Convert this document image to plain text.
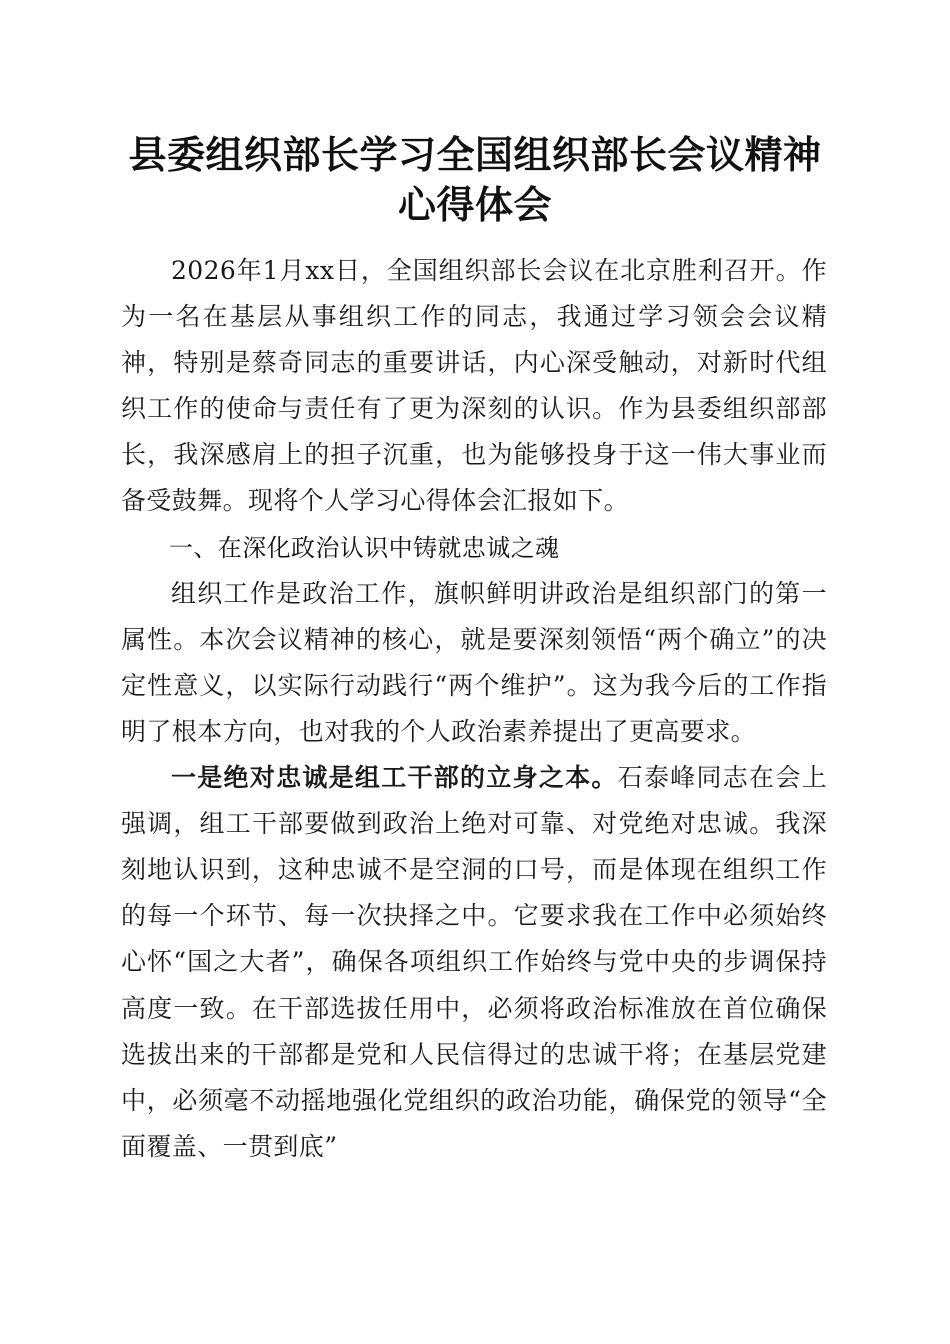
县委组织部长学习全国组织部长会议精神心得体会

2026年1月xx日，全国组织部长会议在北京胜利召开。作为一名在基层从事组织工作的同志，我通过学习领会会议精神，特别是蔡奇同志的重要讲话，内心深受触动，对新时代组织工作的使命与责任有了更为深刻的认识。作为县委组织部部长，我深感肩上的担子沉重，也为能够投身于这一伟大事业而备受鼓舞。现将个人学习心得体会汇报如下。

一、在深化政治认识中铸就忠诚之魂

组织工作是政治工作，旗帜鲜明讲政治是组织部门的第一属性。本次会议精神的核心，就是要深刻领悟“两个确立”的决定性意义，以实际行动践行“两个维护”。这为我今后的工作指明了根本方向，也对我的个人政治素养提出了更高要求。

一是绝对忠诚是组工干部的立身之本。石泰峰同志在会上强调，组工干部要做到政治上绝对可靠、对党绝对忠诚。我深刻地认识到，这种忠诚不是空洞的口号，而是体现在组织工作的每一个环节、每一次抉择之中。它要求我在工作中必须始终心怀“国之大者”，确保各项组织工作始终与党中央的步调保持高度一致。在干部选拔任用中，必须将政治标准放在首位确保选拔出来的干部都是党和人民信得过的忠诚干将；在基层党建中，必须毫不动摇地强化党组织的政治功能，确保党的领导“全面覆盖、一贯到底”
